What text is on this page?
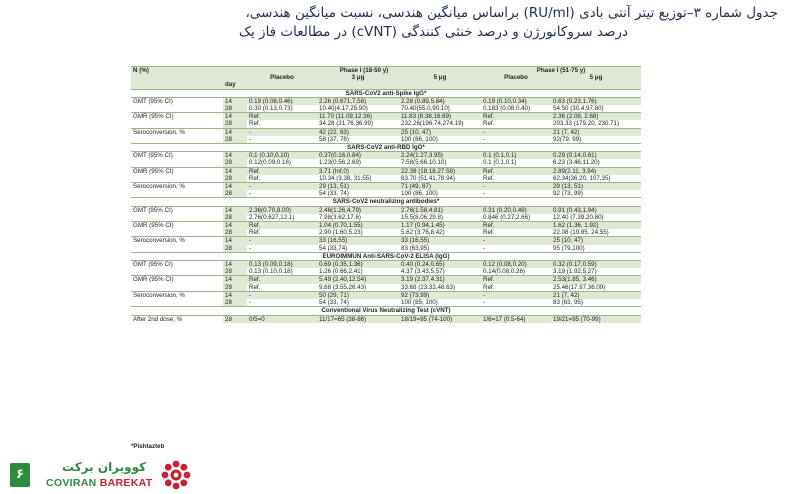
جدول شماره ۳–توزیع تیتر آنتی بادی (RU/ml) براساس میانگین هندسی، نسبت میانگین هندسی،

درصد سروکانورژن و درصد خنثی کنندگی (cVNT) در مطالعات فاز یک
N (%)		Phase I (18-50 y)			Phase I (51-75 y)	
		Placebo	3 μg	5 μg	Placebo	5 μg
	day					
SARS-CoV2 anti-Spike IgG*						
GMT (95% CI)	14	0.19 (0.08,0.46)	2.26 (0.671,7.58)	2.28 (0.89,5.84)	0.19 (0.10,0.34)	0.63 (0.23,1.76)
	28	0.30 (0.13,0.73)	10.40(4.17,25.90)	70.40(55.0,90.10)	0.183 (0.08,0.40)	54.50 (30.4,97.80)
GMR (95% CI)	14	Ref.	11.70 (11.09,12.36)	11.83 (8.38,16.69)	Ref.	2.36 (2.08, 2.68)
	28	Ref.	34.28 (31.76,36.99)	232.26(196.74,274.19)	Ref.	203.33 (179.20, 230.71)
Seroconversion, %	14	-	42 (22, 63)	25 (10, 47)	-	21 (7, 42)
	28	-	58 (37, 78)	100 (86, 100)	-	92(79, 99)
SARS-CoV2 anti-RBD IgG*						
GMT (95% CI)	14	0.1 (0.10,0.10)	0.37(0.16,0.84)	2.24(1.27,3.95)	0.1 (0.1,0.1)	0.29 (0.14,0.61)
	28	0.12(0.09,0.16)	1.23(0.56,2.69)	7.58(5.66,10.10)	0.1 (0.1,0.1)	6.23 (3.46,11.20)
GMR (95% CI)	14	Ref.	3.71 (Inf,0)	22.39 (18.18,27.58)	Ref.	2.89(2.11, 3.94)
	28	Ref.	10.34 (3.38, 31.55)	63.70 (51.41,78.94)	Ref.	62.34(36.20, 107,35)
Seroconversion, %	14	-	29 (13, 51)	71 (49, 87)	-	29 (13, 51)
	28	-	54 (33, 74)	100 (86, 100)	-	92 (73, 99)
SARS-CoV2 neutralizing antibodies*						
GMT (95% CI)	14	2.36(0.70,8.00)	2.46(1.26,4.79)	2.76(1.58,4.81)	0.31 (0.20,0.49)	0.91 (0.43,1.94)
	28	2.76(0.627,12.1)	7.98(3.62,17.6)	15.5(8.06,29.8)	0.846 (0.27,2.66)	12.40 (7.39,20.80)
GMR (95% CI)	14	Ref.	1.04 (0.70,1.55)	1.17 (0.94,1.45)	Ref.	1.62 (1.36, 1.92)
	28	Ref.	2.90 (1.60,5.23)	5.62 (3.76,8.42)	Ref.	22.08 (19.85, 24.55)
Seroconversion, %	14	-	33 (16,55)	33 (16,55)	-	25 (10, 47)
	28	-	54 (33,74)	83 (63,95)	-	95 (79,100)
EUROIMMUN Anti-SARS-CoV-2 ELISA (IgG)						
GMT (95% CI)	14	0.13 (0.09,0.18)	0.69 (0.35,1.36)	0.40 (0.24,0.65)	0.12 (0.08,0.20)	0.32 (0.17,0.59)
	28	0.13 (0.10,0.18)	1.26 (0.66,2.41)	4.37 (3.43,5.57)	0.14(0.08,0.26)	3.19 (1.92,5.27)
GMR (95% CI)	14	Ref.	5.49 (2.40,12.54)	3.19 (2.37,4.31)	Ref.	2.53(1.85, 3.46)
	28	Ref.	9.68 (3.55,26.43)	33.68 (23.33,48.63)	Ref.	25.46(17.97,36.09)
Seroconversion, %	14	-	50 (29, 71)	92 (73,99)	-	21 (7, 42)
	28	-	54 (33, 74)	100 (85, 100)	-	83 (63, 95)
Conventional Virus Neutralizing Test (cVNT)						
After 2nd dose, %	28	0/5=0	11/17=65 (38-86)	18/19=95 (74-100)	1/6=17 (0.5-64)	19/21=95 (70-99)
*Pishtazteb
۶	کوویران برکت
COVIRAN BAREKAT
